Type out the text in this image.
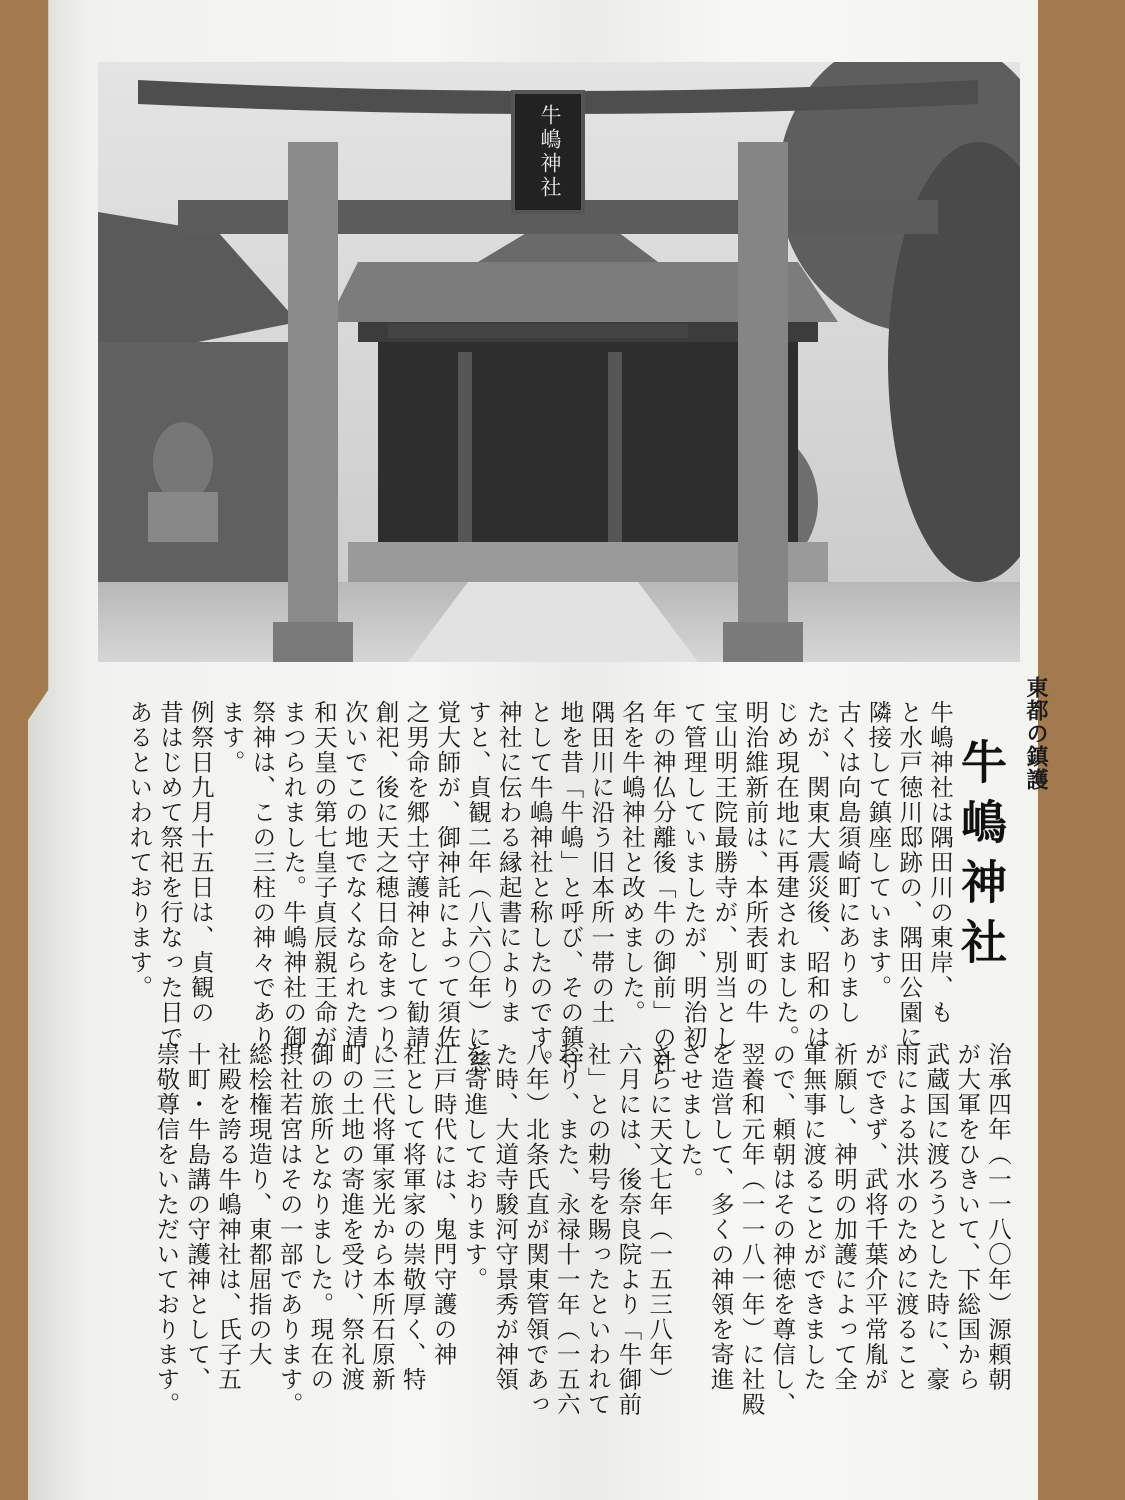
牛嶋神社
東都の鎮護
牛嶋神社
牛嶋神社は隅田川の東岸、も
と水戸徳川邸跡の、隅田公園に
隣接して鎮座しています。
古くは向島須崎町にありまし
たが、関東大震災後、昭和のは
じめ現在地に再建されました。
明治維新前は、本所表町の牛
宝山明王院最勝寺が、別当とし
て管理していましたが、明治初
年の神仏分離後「牛の御前」の社
名を牛嶋神社と改めました。
隅田川に沿う旧本所一帯の土
地を昔「牛嶋」と呼び、その鎮守
として牛嶋神社と称したのです。
神社に伝わる縁起書によりま
すと、貞観二年（八六〇年）に慈
覚大師が、御神託によって須佐
之男命を郷土守護神として勧請
創祀、後に天之穂日命をまつり、
次いでこの地でなくなられた清
和天皇の第七皇子貞辰親王命が
まつられました。牛嶋神社の御
祭神は、この三柱の神々であり
ます。
例祭日九月十五日は、貞観の
昔はじめて祭祀を行なった日で
あるといわれております。
治承四年（一一八〇年）源頼朝
が大軍をひきいて、下総国から
武蔵国に渡ろうとした時に、豪
雨による洪水のために渡ること
ができず、武将千葉介平常胤が
祈願し、神明の加護によって全
軍無事に渡ることができました
ので、頼朝はその神徳を尊信し、
翌養和元年（一一八一年）に社殿
を造営して、多くの神領を寄進
させました。
さらに天文七年（一五三八年）
六月には、後奈良院より「牛御前
社」との勅号を賜ったといわれて
おり、また、永禄十一年（一五六
八年）北条氏直が関東管領であっ
た時、大道寺駿河守景秀が神領
を寄進しております。
江戸時代には、鬼門守護の神
社として将軍家の崇敬厚く、特
に三代将軍家光から本所石原新
町の土地の寄進を受け、祭礼渡
御の旅所となりました。現在の
摂社若宮はその一部であります。
総桧権現造り、東都屈指の大
社殿を誇る牛嶋神社は、氏子五
十町・牛島講の守護神として、
崇敬尊信をいただいております。
